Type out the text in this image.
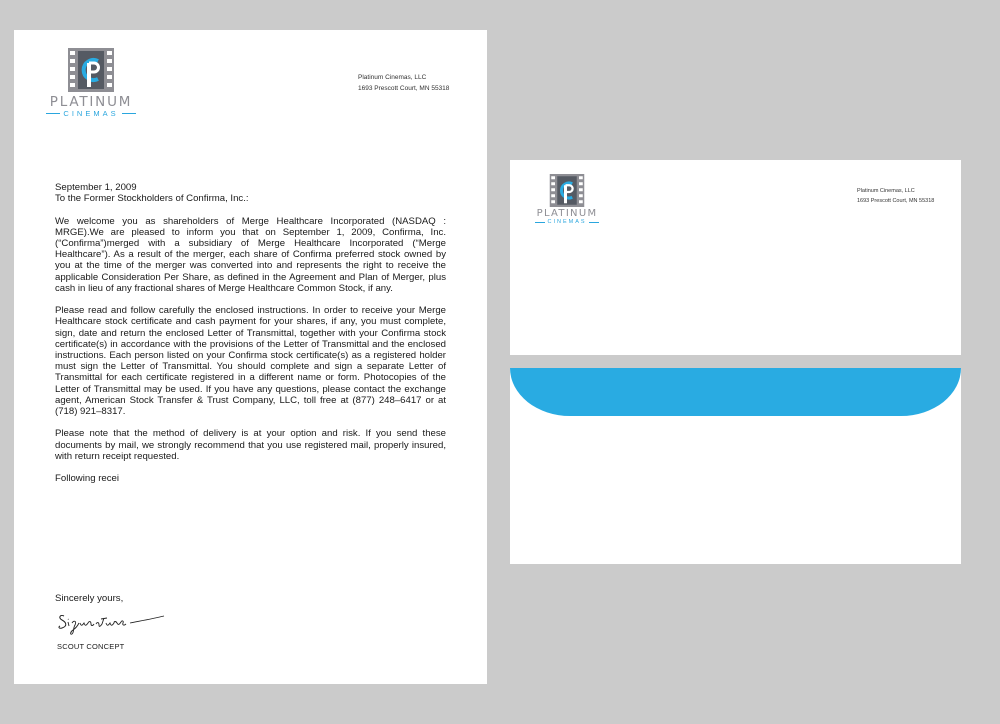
PLATINUM
CINEMAS
Platinum Cinemas, LLC
1693 Prescott Court, MN 55318

September 1, 2009

To the Former Stockholders of Confirma, Inc.:

We welcome you as shareholders of Merge Healthcare Incorporated (NASDAQ : MRGE).We are pleased to inform you that on September 1, 2009, Confirma, Inc. (“Confirma”)merged with a subsidiary of Merge Healthcare Incorporated (“Merge Healthcare”). As a result of the merger, each share of Confirma preferred stock owned by you at the time of the merger was converted into and represents the right to receive the applicable Consideration Per Share, as defined in the Agreement and Plan of Merger, plus cash in lieu of any fractional shares of Merge Healthcare Common Stock, if any.

Please read and follow carefully the enclosed instructions. In order to receive your Merge Healthcare stock certificate and cash payment for your shares, if any, you must complete, sign, date and return the enclosed Letter of Transmittal, together with your Confirma stock certificate(s) in accordance with the provisions of the Letter of Transmittal and the enclosed instructions. Each person listed on your Confirma stock certificate(s) as a registered holder must sign the Letter of Transmittal. You should complete and sign a separate Letter of Transmittal for each certificate registered in a different name or form. Photocopies of the Letter of Transmittal may be used. If you have any questions, please contact the exchange agent, American Stock Transfer & Trust Company, LLC, toll free at (877) 248–6417 or at (718) 921–8317.

Please note that the method of delivery is at your option and risk. If you send these documents by mail, we strongly recommend that you use registered mail, properly insured, with return receipt requested.

Following recei

Sincerely yours,
SCOUT CONCEPT
PLATINUM
CINEMAS
Platinum Cinemas, LLC
1693 Prescott Court, MN 55318
